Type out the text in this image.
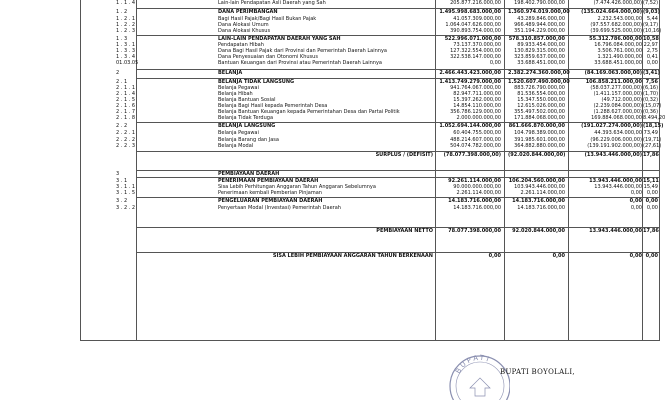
1 . 1 . 4	Lain-lain Pendapatan Asli Daerah yang Sah	205.877.216.000,00	198.402.790.000,00	(7.474.426.000,00) (7,52)
1 . 2	DANA PERIMBANGAN	1.495.998.683.000,00 1.360.974.019.000,00	(135.024.664.000,00) (9,03)
1 . 2 . 1	Bagi Hasil Pajak/Bagi Hasil Bukan Pajak	41.057.309.000,00	43.289.846.000,00	2.232.543.000,00 5,44
1 . 2 . 2	Dana Alokasi Umum	1.064.047.626.000,00	966.489.944.000,00	(97.557.682.000,00) (9,17)
1 . 2 . 3	Dana Alokasi Khusus	390.893.754.000,00	351.194.229.000,00	(39.699.525.000,00) (10,16)
1 . 3	LAIN-LAIN PENDAPATAN DAERAH YANG SAH	522.996.071.000,00 578.310.857.000,00	55.312.786.000,00 10,58
1 . 3 . 1	Pendapatan Hibah	73.137.370.000,00	89.933.454.000,00	16.796.084.000,00 22,97
1 . 3 . 3	Dana Bagi Hasil Pajak dari Provinsi dan Pemerintah Daerah Lainnya	127.322.554.000,00	130.829.315.000,00	3.506.761.000,00 2,75
1 . 3 . 4	Dana Penyesuaian dan Otonomi Khusus	322.538.147.000,00	323.859.637.000,00	1.321.490.000,00 0,41
01.03.05	Bantuan Keuangan dari Provinsi atau Pemerintah Daerah Lainnya	0,00	33.688.451.000,00	33.688.451.000,00 0,00
2	BELANJA	2.466.443.423.000,00 2.382.274.360.000,00	(84.169.063.000,00) (3,41)
2 . 1	BELANJA TIDAK LANGSUNG	1.413.749.279.000,00 1.520.607.490.000,00	106.858.211.000,00 7,56
2 . 1 . 1	Belanja Pegawai	941.764.067.000,00	883.726.790.000,00	(58.037.277.000,00) (6,16)
2 . 1 . 4	Belanja Hibah	82.947.711.000,00	81.536.554.000,00	(1.411.157.000,00) (1,70)
2 . 1 . 5	Belanja Bantuan Sosial	15.397.262.000,00	15.347.550.000,00	(49.712.000,00) (0,32)
2 . 1 . 6	Belanja Bagi Hasil kepada Pemerintah Desa	14.854.110.000,00	12.615.026.000,00	(2.239.084.000,00) (15,07)
2 . 1 . 7	Belanja Bantuan Keuangan kepada Pemerintahan Desa dan Partai Politik	356.786.129.000,00	355.497.502.000,00	(1.288.627.000,00) (0,36)
2 . 1 . 8	Belanja Tidak Terduga	2.000.000.000,00	171.884.068.000,00	169.884.068.000,00 8.494,20
2 . 2	BELANJA LANGSUNG	1.052.694.144.000,00 861.666.870.000,00	(191.027.274.000,00) (18,15)
2 . 2 . 1	Belanja Pegawai	60.404.755.000,00	104.798.389.000,00	44.393.634.000,00 73,49
2 . 2 . 2	Belanja Barang dan Jasa	488.214.607.000,00	391.985.601.000,00	(96.229.006.000,00) (19,71)
2 . 2 . 3	Belanja Modal	504.074.782.000,00	364.882.880.000,00	(139.191.902.000,00) (27,61)
SURPLUS / (DEFISIT)	(78.077.398.000,00) (92.020.844.000,00)	(13.943.446.000,00) 17,86
3	PEMBIAYAAN DAERAH
3 . 1	PENERIMAAN PEMBIAYAAN DAERAH	92.261.114.000,00 106.204.560.000,00	13.943.446.000,00 15,11
3 . 1 . 1	Sisa Lebih Perhitungan Anggaran Tahun Anggaran Sebelumnya	90.000.000.000,00	103.943.446.000,00	13.943.446.000,00 15,49
3 . 1 . 5	Penerimaan kembali Pemberian Pinjaman	2.261.114.000,00	2.261.114.000,00	0,00 0,00
3 . 2	PENGELUARAN PEMBIAYAAN DAERAH	14.183.716.000,00	14.183.716.000,00	0,00 0,00
3 . 2 . 2	Penyertaan Modal (Investasi) Pemerintah Daerah	14.183.716.000,00	14.183.716.000,00	0,00 0,00
PEMBIAYAAN NETTO	78.077.398.000,00	92.020.844.000,00	13.943.446.000,00 17,86
SISA LEBIH PEMBIAYAAN ANGGARAN TAHUN BERKENAAN	0,00	0,00	0,00 0,00
BUPATI
BUPATI BOYOLALI,
